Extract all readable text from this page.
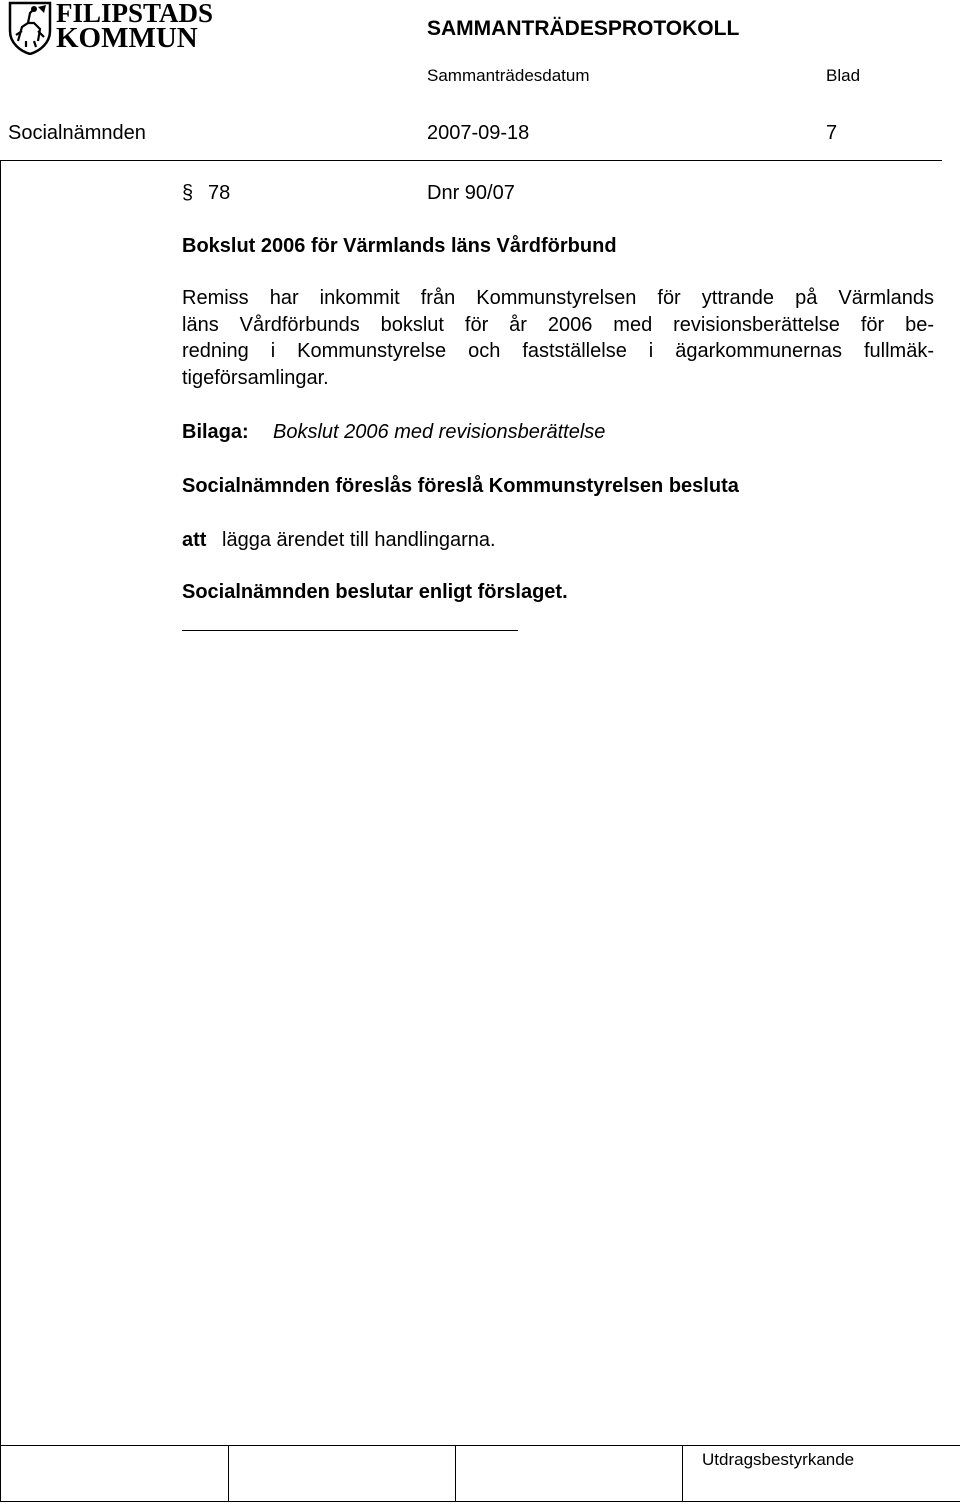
FILIPSTADS
KOMMUN	SAMMANTRÄDESPROTOKOLL
Sammanträdesdatum	Blad
Socialnämnden	2007-09-18	7
§ 78	Dnr 90/07
Bokslut 2006 för Värmlands läns Vårdförbund
Remiss har inkommit från Kommunstyrelsen för yttrande på Värmlands
läns Vårdförbunds bokslut för år 2006 med revisionsberättelse för be-
redning i Kommunstyrelse och fastställelse i ägarkommunernas fullmäk-
tigeförsamlingar.
Bilaga: Bokslut 2006 med revisionsberättelse
Socialnämnden föreslås föreslå Kommunstyrelsen besluta
att lägga ärendet till handlingarna.
Socialnämnden beslutar enligt förslaget.
Utdragsbestyrkande
